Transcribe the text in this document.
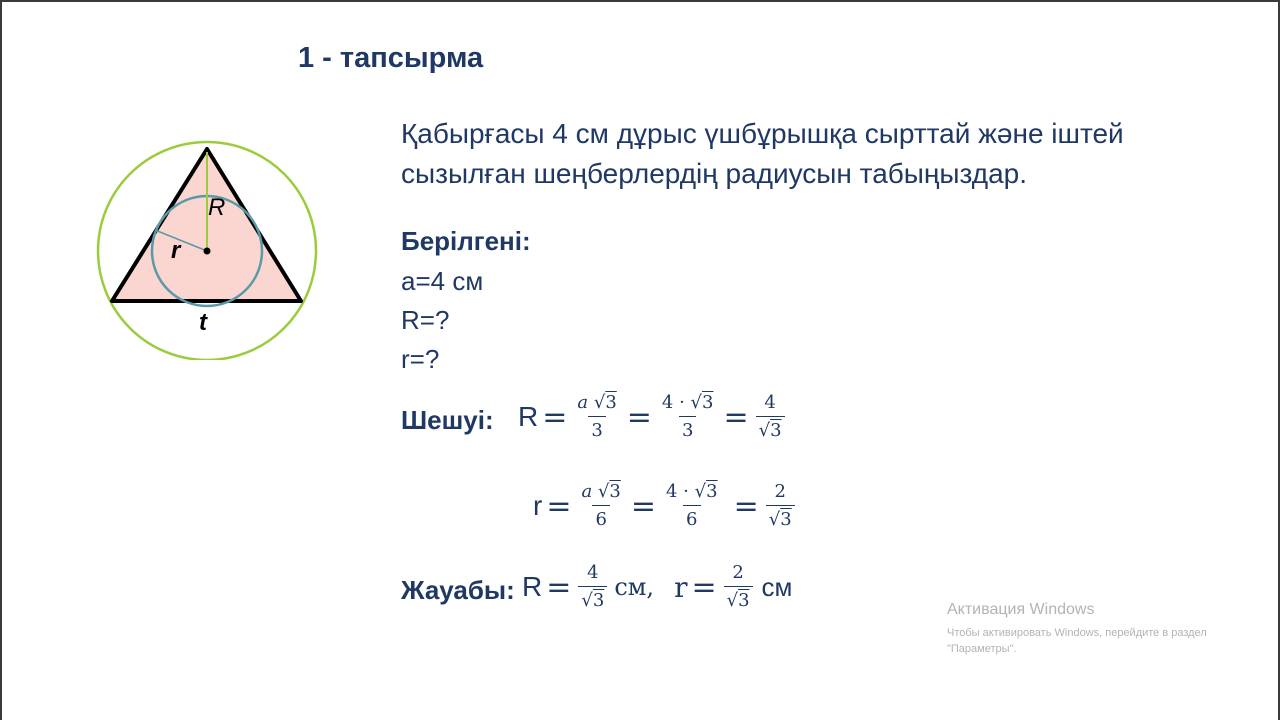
1 - тапсырма
Қабырғасы 4 см дұрыс үшбұрышқа сырттай және іштей
сызылған шеңберлердің радиусын табыңыздар.
R
r
t
Берілгені:
a=4 см
R=?
r=?
Шешуі: $R = \frac{a √3}{3} = \frac{4 \cdot √3}{3} = \frac{4}{√3}$
$r = \frac{a √3}{6} = \frac{4 \cdot √3}{6} = \frac{2}{√3}$
Жауабы: $R = \frac{4}{√3}$ см, $r = \frac{2}{√3}$ см
Активация Windows
Чтобы активировать Windows, перейдите в раздел "Параметры".
